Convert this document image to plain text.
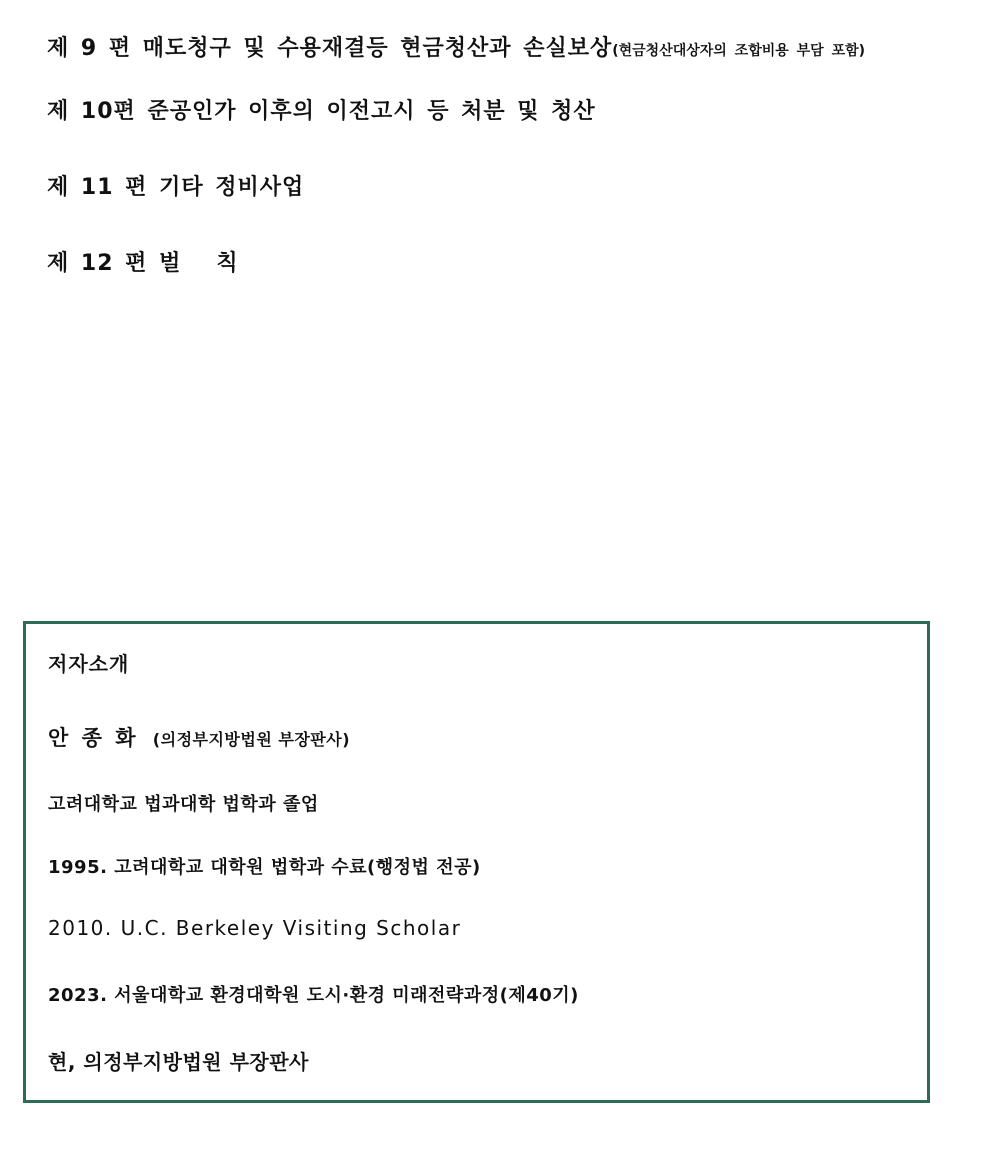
제 9 편 매도청구 및 수용재결등 현금청산과 손실보상(현금청산대상자의 조합비용 부담 포함)

제 10편 준공인가 이후의 이전고시 등 처분 및 청산

제 11 편 기타 정비사업

제 12 편 벌   칙

저자소개

안 종 화 (의정부지방법원 부장판사)

고려대학교 법과대학 법학과 졸업

1995. 고려대학교 대학원 법학과 수료(행정법 전공)

2010. U.C. Berkeley Visiting Scholar

2023. 서울대학교 환경대학원 도시·환경 미래전략과정(제40기)

현, 의정부지방법원 부장판사
